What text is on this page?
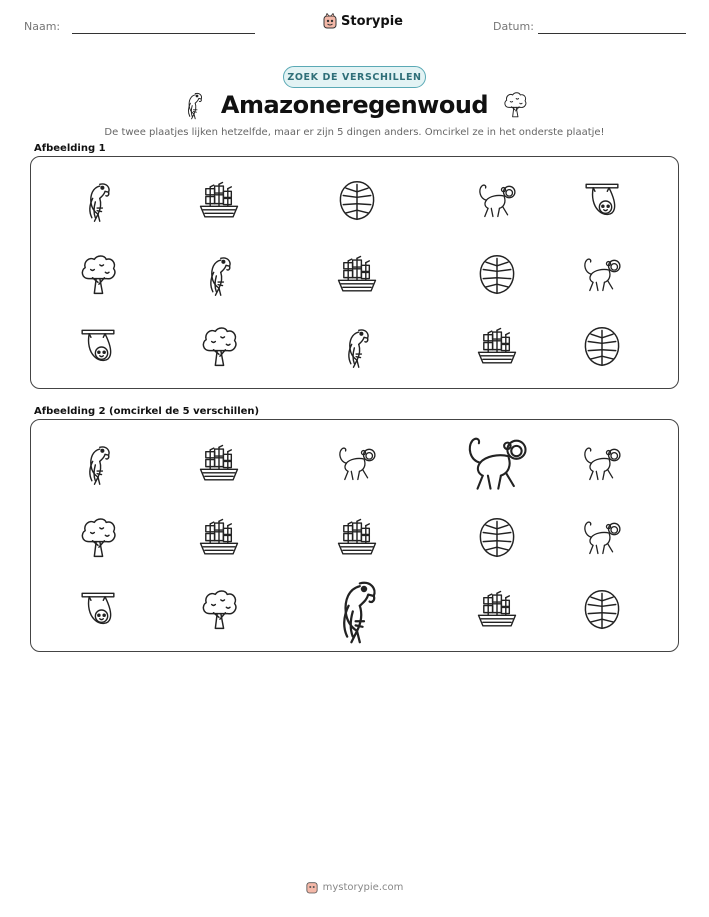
Naam:	Storypie	Datum:
ZOEK DE VERSCHILLEN
Amazoneregenwoud
De twee plaatjes lijken hetzelfde, maar er zijn 5 dingen anders. Omcirkel ze in het onderste plaatje!
Afbeelding 1
Afbeelding 2 (omcirkel de 5 verschillen)
mystorypie.com
